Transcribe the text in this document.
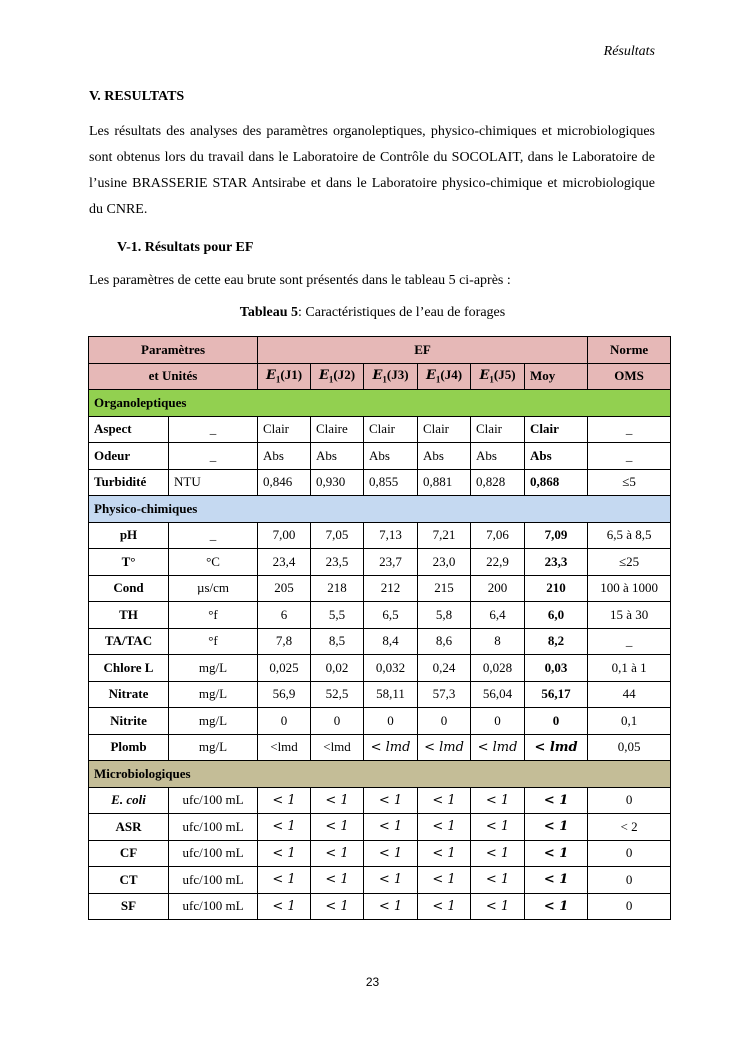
Résultats
V. RESULTATS
Les résultats des analyses des paramètres organoleptiques, physico-chimiques et microbiologiques sont obtenus lors du travail dans le Laboratoire de Contrôle du SOCOLAIT, dans le Laboratoire de l’usine BRASSERIE STAR Antsirabe et dans le Laboratoire physico-chimique et microbiologique du CNRE.
V-1. Résultats pour EF
Les paramètres de cette eau brute sont présentés dans le tableau 5 ci-après :
Tableau 5: Caractéristiques de l’eau de forages
Paramètres		EF						Norme
et Unités		$E_1(J1)$	$E_1(J2)$	$E_1(J3)$	$E_1(J4)$	$E_1(J5)$	Moy	OMS
Organoleptiques								
Aspect	_	Clair	Claire	Clair	Clair	Clair	Clair	_
Odeur	_	Abs	Abs	Abs	Abs	Abs	Abs	_
Turbidité	NTU	0,846	0,930	0,855	0,881	0,828	0,868	≤5
Physico-chimiques								
pH	_	7,00	7,05	7,13	7,21	7,06	7,09	6,5 à 8,5
T°	°C	23,4	23,5	23,7	23,0	22,9	23,3	≤25
Cond	µs/cm	205	218	212	215	200	210	100 à 1000
TH	°f	6	5,5	6,5	5,8	6,4	6,0	15 à 30
TA/TAC	°f	7,8	8,5	8,4	8,6	8	8,2	_
Chlore L	mg/L	0,025	0,02	0,032	0,24	0,028	0,03	0,1 à 1
Nitrate	mg/L	56,9	52,5	58,11	57,3	56,04	56,17	44
Nitrite	mg/L	0	0	0	0	0	0	0,1
Plomb	mg/L	<lmd	<lmd	< lmd	< lmd	< lmd	< lmd	0,05
Microbiologiques								
E. coli	ufc/100 mL	< 1	< 1	< 1	< 1	< 1	< 1	0
ASR	ufc/100 mL	< 1	< 1	< 1	< 1	< 1	< 1	< 2
CF	ufc/100 mL	< 1	< 1	< 1	< 1	< 1	< 1	0
CT	ufc/100 mL	< 1	< 1	< 1	< 1	< 1	< 1	0
SF	ufc/100 mL	< 1	< 1	< 1	< 1	< 1	< 1	0
23
